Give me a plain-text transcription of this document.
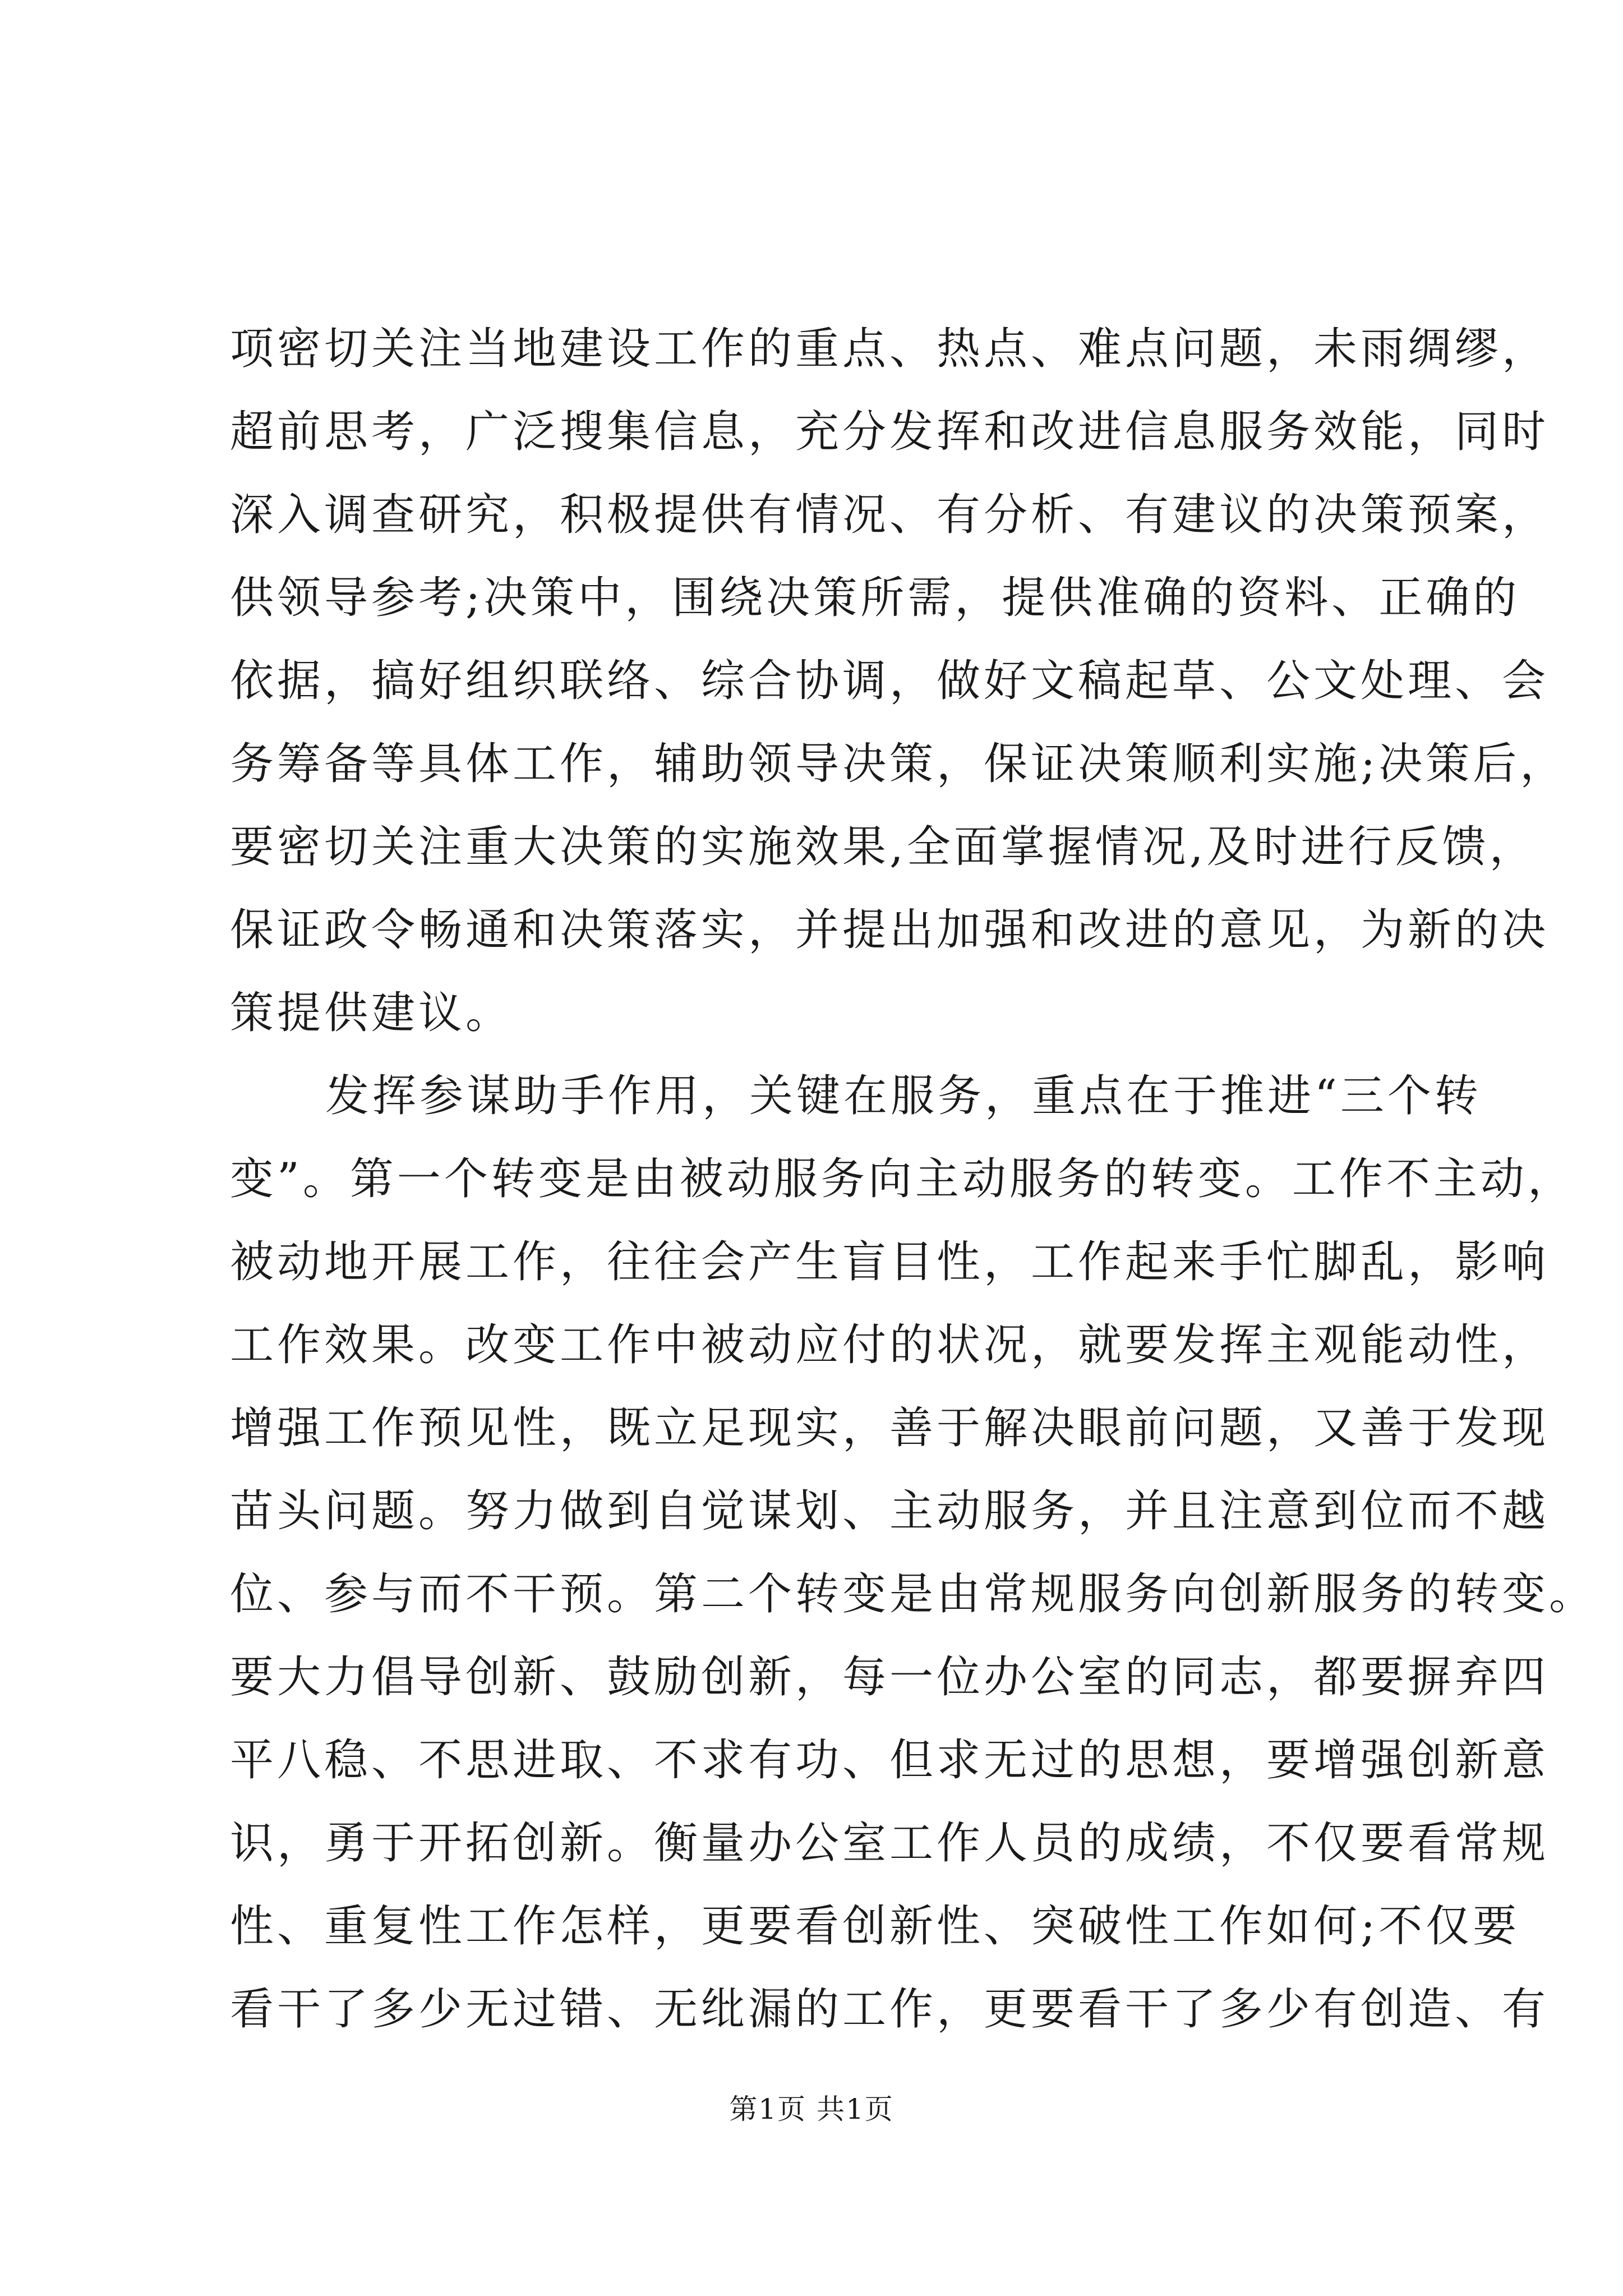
项密切关注当地建设工作的重点、热点、难点问题，未雨绸缪，
超前思考，广泛搜集信息，充分发挥和改进信息服务效能，同时
深入调查研究，积极提供有情况、有分析、有建议的决策预案，
供领导参考;决策中，围绕决策所需，提供准确的资料、正确的
依据，搞好组织联络、综合协调，做好文稿起草、公文处理、会
务筹备等具体工作，辅助领导决策，保证决策顺利实施;决策后，
要密切关注重大决策的实施效果,全面掌握情况,及时进行反馈，
保证政令畅通和决策落实，并提出加强和改进的意见，为新的决
策提供建议。
发挥参谋助手作用，关键在服务，重点在于推进“三个转
变”。第一个转变是由被动服务向主动服务的转变。工作不主动，
被动地开展工作，往往会产生盲目性，工作起来手忙脚乱，影响
工作效果。改变工作中被动应付的状况，就要发挥主观能动性，
增强工作预见性，既立足现实，善于解决眼前问题，又善于发现
苗头问题。努力做到自觉谋划、主动服务，并且注意到位而不越
位、参与而不干预。第二个转变是由常规服务向创新服务的转变。
要大力倡导创新、鼓励创新，每一位办公室的同志，都要摒弃四
平八稳、不思进取、不求有功、但求无过的思想，要增强创新意
识，勇于开拓创新。衡量办公室工作人员的成绩，不仅要看常规
性、重复性工作怎样，更要看创新性、突破性工作如何;不仅要
看干了多少无过错、无纰漏的工作，更要看干了多少有创造、有
第1页 共1页
